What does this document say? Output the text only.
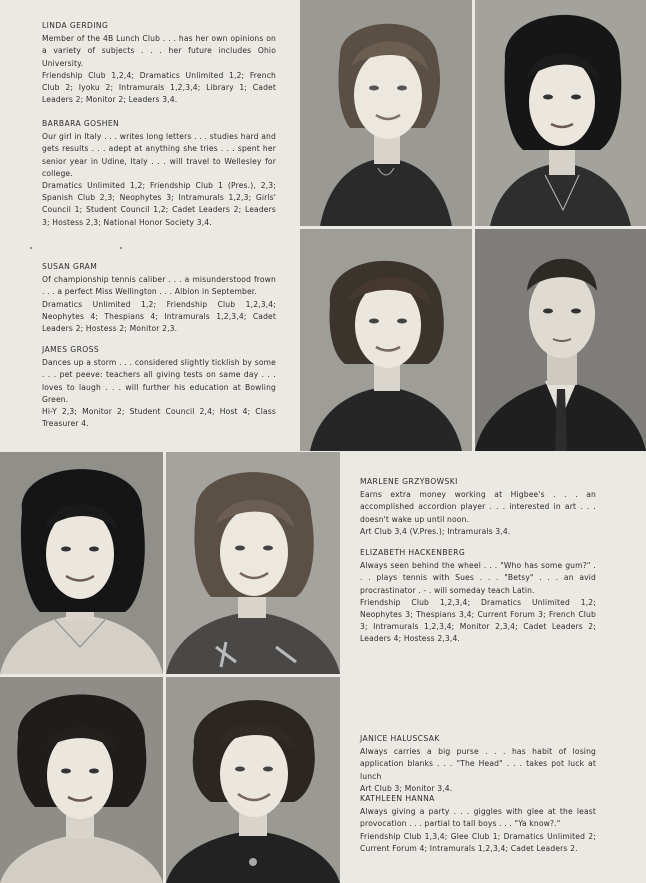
LINDA GERDING

Member of the 4B Lunch Club . . . has her own opinions on a variety of subjects . . . her future includes Ohio University.

Friendship Club 1,2,4; Dramatics Unlimited 1,2; French Club 2; Iyoku 2; Intramurals 1,2,3,4; Library 1; Cadet Leaders 2; Monitor 2; Leaders 3,4.

BARBARA GOSHEN

Our girl in Italy . . . writes long letters . . . studies hard and gets results . . . adept at anything she tries . . . spent her senior year in Udine, Italy . . . will travel to Wellesley for college.

Dramatics Unlimited 1,2; Friendship Club 1 (Pres.), 2,3; Spanish Club 2,3; Neophytes 3; Intramurals 1,2,3; Girls' Council 1; Student Council 1,2; Cadet Leaders 2; Leaders 3; Hostess 2,3; National Honor Society 3,4.

SUSAN GRAM

Of championship tennis caliber . . . a misunderstood frown . . . a perfect Miss Wellington . . . Albion in September.

Dramatics Unlimited 1,2; Friendship Club 1,2,3,4; Neophytes 4; Thespians 4; Intramurals 1,2,3,4; Cadet Leaders 2; Hostess 2; Monitor 2,3.

JAMES GROSS

Dances up a storm . . . considered slightly ticklish by some . . . pet peeve: teachers all giving tests on same day . . . loves to laugh . . . will further his education at Bowling Green.

Hi-Y 2,3; Monitor 2; Student Council 2,4; Host 4; Class Treasurer 4.

MARLENE GRZYBOWSKI

Earns extra money working at Higbee's . . . an accomplished accordion player . . . interested in art . . . doesn't wake up until noon.

Art Club 3,4 (V.Pres.); Intramurals 3,4.

ELIZABETH HACKENBERG

Always seen behind the wheel . . . "Who has some gum?" . . . plays tennis with Sues . . . "Betsy" . . . an avid procrastinator . - . will someday teach Latin.

Friendship Club 1,2,3,4; Dramatics Unlimited 1,2; Neophytes 3; Thespians 3,4; Current Forum 3; French Club 3; Intramurals 1,2,3,4; Monitor 2,3,4; Cadet Leaders 2; Leaders 4; Hostess 2,3,4.

JANICE HALUSCSAK

Always carries a big purse . . . has habit of losing application blanks . . . "The Head" . . . takes pot luck at lunch

Art Club 3; Monitor 3,4.

KATHLEEN HANNA

Always giving a party . . . giggles with glee at the least provocation . . . partial to tall boys . . . "Ya know?."

Friendship Club 1,3,4; Glee Club 1; Dramatics Unlimited 2; Current Forum 4; Intramurals 1,2,3,4; Cadet Leaders 2.
